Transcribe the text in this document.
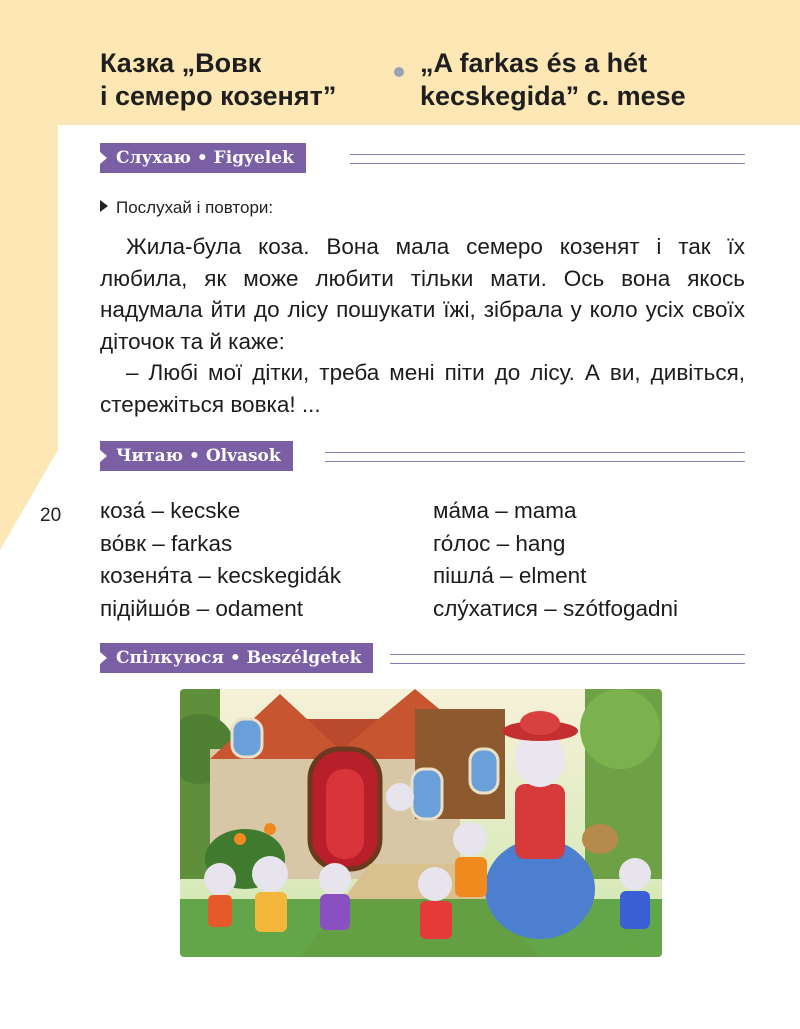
Казка „Вовк
і семеро козенят”
„A farkas és a hét
kecskegida” c. mese
Слухаю • Figyelek
Послухай і повтори:

Жила-була коза. Вона мала семеро козенят і так їх любила, як може любити тільки мати. Ось вона якось надумала йти до лісу пошукати їжі, зібрала у коло усіх своїх діточок та й каже:

– Любі мої дітки, треба мені піти до лісу. А ви, дивіться, стережіться вовка! ...

Читаю • Olvasok
20 коза́ – kecske
во́вк – farkas
козеня́та – kecskegidák
підійшо́в – odament
ма́ма – mama
го́лос – hang
пішла́ – elment
слу́хатися – szótfogadni
Спілкуюся • Beszélgetek
